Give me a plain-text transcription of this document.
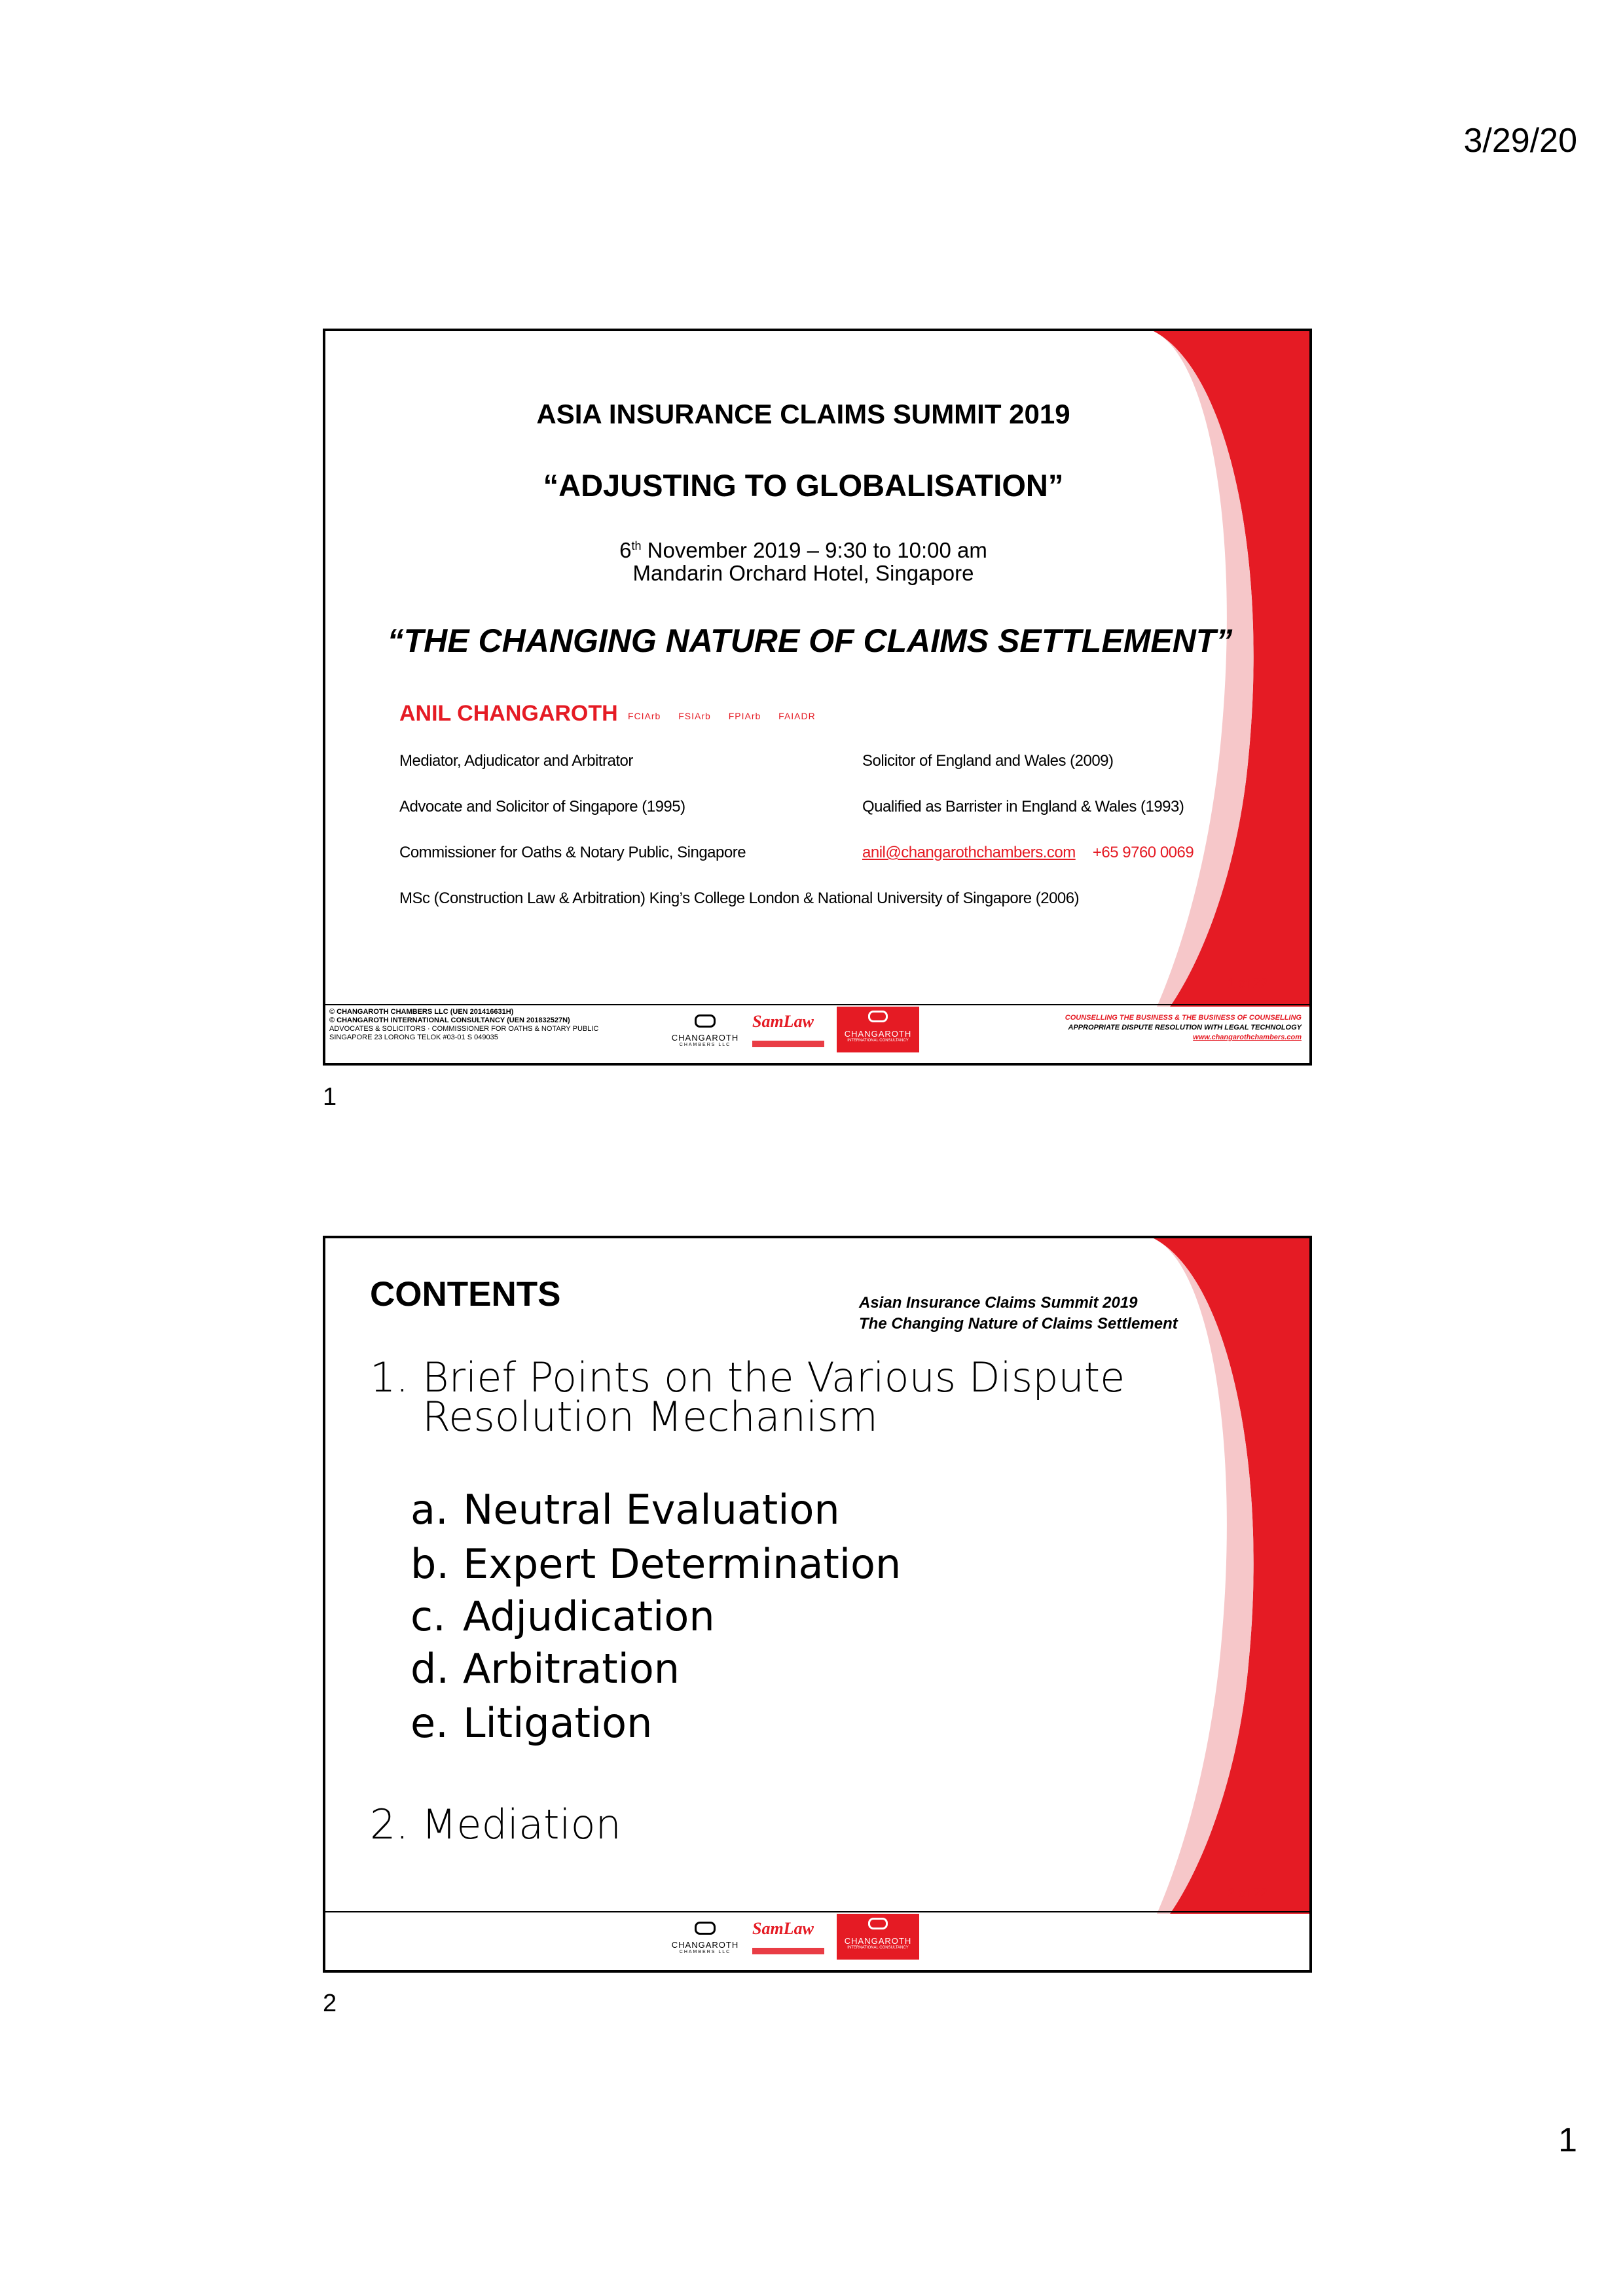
3/29/20
ASIA INSURANCE CLAIMS SUMMIT 2019
“ADJUSTING TO GLOBALISATION”
6th November 2019 – 9:30 to 10:00 am
Mandarin Orchard Hotel, Singapore
“THE CHANGING NATURE OF CLAIMS SETTLEMENT”
ANIL CHANGAROTH FCIArb FSIArb FPIArb FAIADR
Mediator, Adjudicator and Arbitrator	Solicitor of England and Wales (2009)
Advocate and Solicitor of Singapore (1995)	Qualified as Barrister in England & Wales (1993)
Commissioner for Oaths & Notary Public, Singapore	anil@changarothchambers.com +65 9760 0069
MSc (Construction Law & Arbitration) King’s College London & National University of Singapore (2006)
1 of 22
© CHANGAROTH CHAMBERS LLC (UEN 201416631H)
© CHANGAROTH INTERNATIONAL CONSULTANCY (UEN 201832527N)
ADVOCATES & SOLICITORS · COMMISSIONER FOR OATHS & NOTARY PUBLIC
SINGAPORE 23 LORONG TELOK #03-01 S 049035	CHANGAROTH
CHAMBERS LLC
SamLaw
CHANGAROTH
INTERNATIONAL CONSULTANCY
COUNSELLING THE BUSINESS & THE BUSINESS OF COUNSELLING
APPROPRIATE DISPUTE RESOLUTION WITH LEGAL TECHNOLOGY
www.changarothchambers.com
1
CONTENTS	Asian Insurance Claims Summit 2019
The Changing Nature of Claims Settlement
1. Brief Points on the Various Dispute
Resolution Mechanism
a. Neutral Evaluation
b. Expert Determination
c. Adjudication
d. Arbitration
e. Litigation
2. Mediation
2 of 22
CHANGAROTH
CHAMBERS LLC
SamLaw
CHANGAROTH
INTERNATIONAL CONSULTANCY
2
1
